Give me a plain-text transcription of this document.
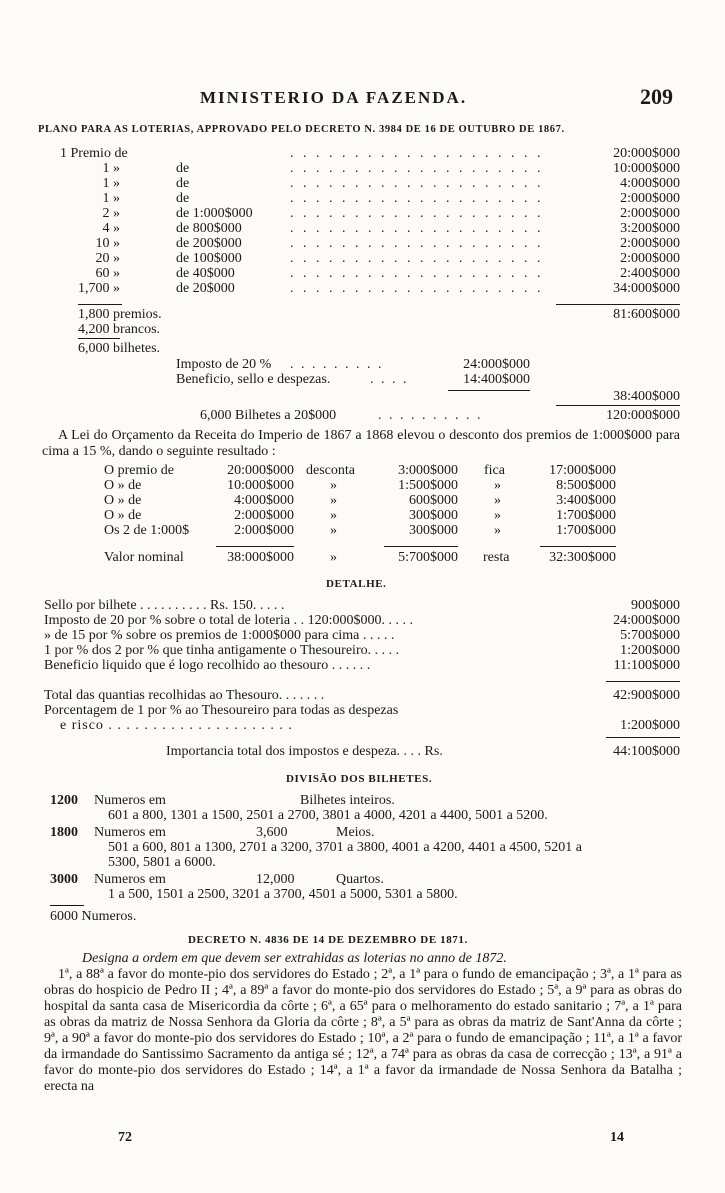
MINISTERIO DA FAZENDA.	209
PLANO PARA AS LOTERIAS, APPROVADO PELO DECRETO N. 3984 DE 16 DE OUTUBRO DE 1867.
1 Premio de	. . . . . . . . . . . . . . . . . . . .	20:000$000
1 »	de	. . . . . . . . . . . . . . . . . . . .	10:000$000
1 »	de	. . . . . . . . . . . . . . . . . . . .	4:000$000
1 »	de	. . . . . . . . . . . . . . . . . . . .	2:000$000
2 »	de 1:000$000	. . . . . . . . . . . . . . . . . . . .	2:000$000
4 »	de 800$000	. . . . . . . . . . . . . . . . . . . .	3:200$000
10 »	de 200$000	. . . . . . . . . . . . . . . . . . . .	2:000$000
20 »	de 100$000	. . . . . . . . . . . . . . . . . . . .	2:000$000
60 »	de 40$000	. . . . . . . . . . . . . . . . . . . .	2:400$000
1,700 »	de 20$000	. . . . . . . . . . . . . . . . . . . .	34:000$000
1,800 premios.	81:600$000
4,200 brancos.
6,000 bilhetes.
Imposto de 20 % . . . . . . . . .	24:000$000
Beneficio, sello e despezas.	. . . .	14:400$000
38:400$000
6,000 Bilhetes a 20$000	. . . . . . . . . .	120:000$000
A Lei do Orçamento da Receita do Imperio de 1867 a 1868 elevou o desconto dos premios de 1:000$000 para cima a 15 %, dando o seguinte resultado :
O premio de	20:000$000 desconta	3:000$000 fica	17:000$000
O » de	10:000$000	»	1:500$000	»	8:500$000
O » de	4:000$000	»	600$000	»	3:400$000
O » de	2:000$000	»	300$000	»	1:700$000
Os 2 de 1:000$	2:000$000	»	300$000	»	1:700$000
Valor nominal	38:000$000	»	5:700$000 resta	32:300$000
DETALHE.
Sello por bilhete . . . . . . . . . . Rs. 150. . . . .	900$000
Imposto de 20 por % sobre o total de loteria . . 120:000$000. . . . .	24:000$000
» de 15 por % sobre os premios de 1:000$000 para cima . . . . .	5:700$000
1 por % dos 2 por % que tinha antigamente o Thesoureiro. . . . .	1:200$000
Beneficio liquido que é logo recolhido ao thesouro . . . . . .	11:100$000
Total das quantias recolhidas ao Thesouro. . . . . . .	42:900$000
Porcentagem de 1 por % ao Thesoureiro para todas as despezas
e risco . . . . . . . . . . . . . . . . . . . . .	1:200$000
Importancia total dos impostos e despeza. . . . Rs.	44:100$000
DIVISÃO DOS BILHETES.
1200 Numeros em	Bilhetes inteiros.
601 a 800, 1301 a 1500, 2501 a 2700, 3801 a 4000, 4201 a 4400, 5001 a 5200.
1800 Numeros em	3,600	Meios.
501 a 600, 801 a 1300, 2701 a 3200, 3701 a 3800, 4001 a 4200, 4401 a 4500, 5201 a
5300, 5801 a 6000.
3000 Numeros em	12,000	Quartos.
1 a 500, 1501 a 2500, 3201 a 3700, 4501 a 5000, 5301 a 5800.
6000 Numeros.
DECRETO N. 4836 DE 14 DE DEZEMBRO DE 1871.
Designa a ordem em que devem ser extrahidas as loterias no anno de 1872.
1ª, a 88ª a favor do monte-pio dos servidores do Estado ; 2ª, a 1ª para o fundo de emancipação ; 3ª, a 1ª para as obras do hospicio de Pedro II ; 4ª, a 89ª a favor do monte-pio dos servidores do Estado ; 5ª, a 9ª para as obras do hospital da santa casa de Misericordia da côrte ; 6ª, a 65ª para o melhoramento do estado sanitario ; 7ª, a 1ª para as obras da matriz de Nossa Senhora da Gloria da côrte ; 8ª, a 5ª para as obras da matriz de Sant'Anna da côrte ; 9ª, a 90ª a favor do monte-pio dos servidores do Estado ; 10ª, a 2ª para o fundo de emancipação ; 11ª, a 1ª a favor da irmandade do Santissimo Sacramento da antiga sé ; 12ª, a 74ª para as obras da casa de correcção ; 13ª, a 91ª a favor do monte-pio dos servidores do Estado ; 14ª, a 1ª a favor da irmandade de Nossa Senhora da Batalha ; erecta na
72	14
